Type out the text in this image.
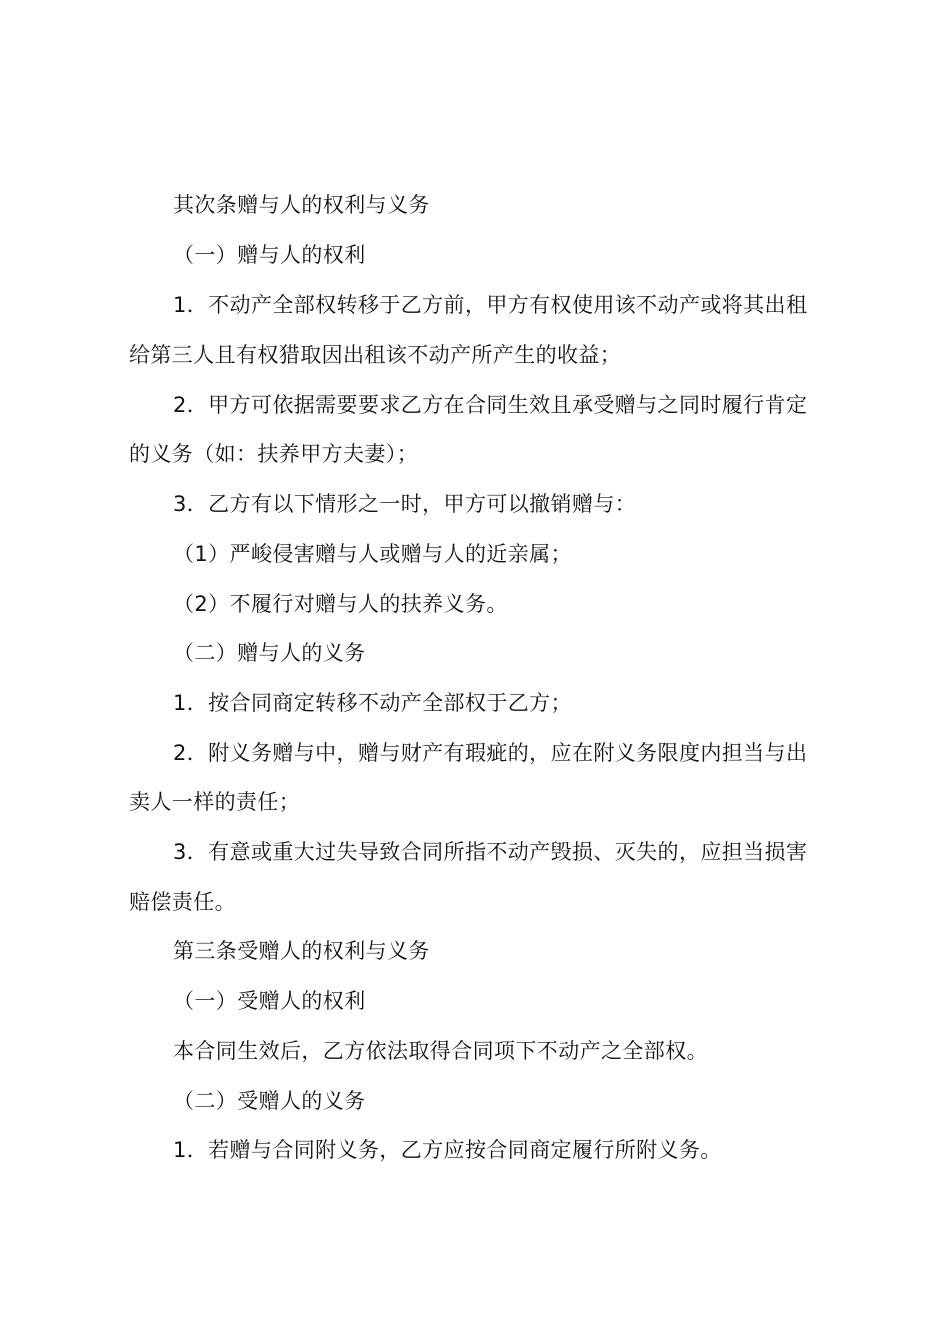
其次条赠与人的权利与义务
（一）赠与人的权利
1．不动产全部权转移于乙方前，甲方有权使用该不动产或将其出租
给第三人且有权猎取因出租该不动产所产生的收益；
2．甲方可依据需要要求乙方在合同生效且承受赠与之同时履行肯定
的义务（如：扶养甲方夫妻）；
3．乙方有以下情形之一时，甲方可以撤销赠与：
（1）严峻侵害赠与人或赠与人的近亲属；
（2）不履行对赠与人的扶养义务。
（二）赠与人的义务
1．按合同商定转移不动产全部权于乙方；
2．附义务赠与中，赠与财产有瑕疵的，应在附义务限度内担当与出
卖人一样的责任；
3．有意或重大过失导致合同所指不动产毁损、灭失的，应担当损害
赔偿责任。
第三条受赠人的权利与义务
（一）受赠人的权利
本合同生效后，乙方依法取得合同项下不动产之全部权。
（二）受赠人的义务
1．若赠与合同附义务，乙方应按合同商定履行所附义务。
